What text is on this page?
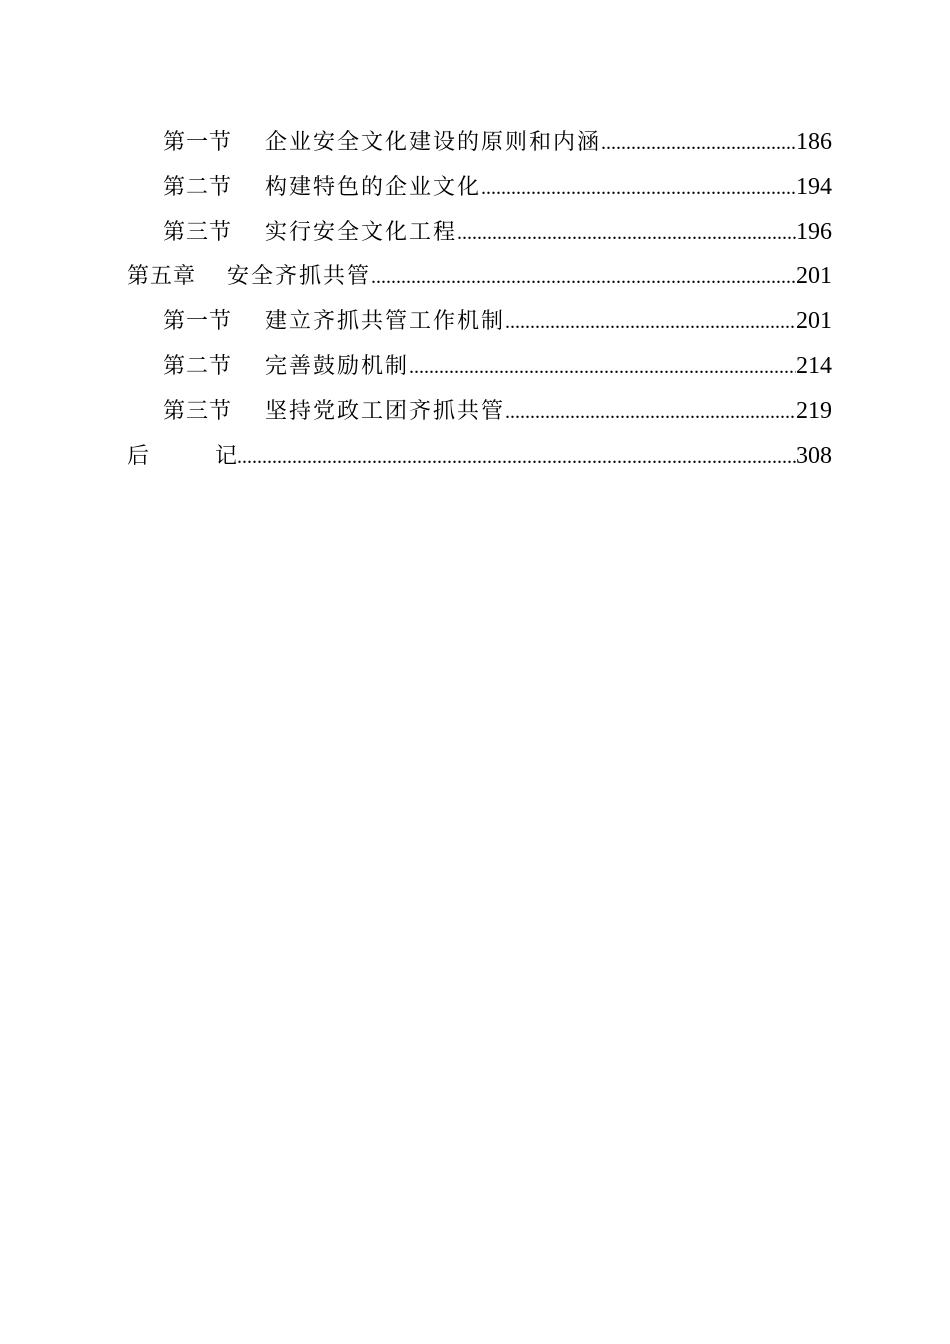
第一节	企业安全文化建设的原则和内涵 .....	186
第二节	构建特色的企业文化 .....	194
第三节	实行安全文化工程 .....	196
第五章	安全齐抓共管 .....	201
第一节	建立齐抓共管工作机制 .....	201
第二节	完善鼓励机制 .....	214
第三节	坚持党政工团齐抓共管 .....	219
后	记 .....	308
